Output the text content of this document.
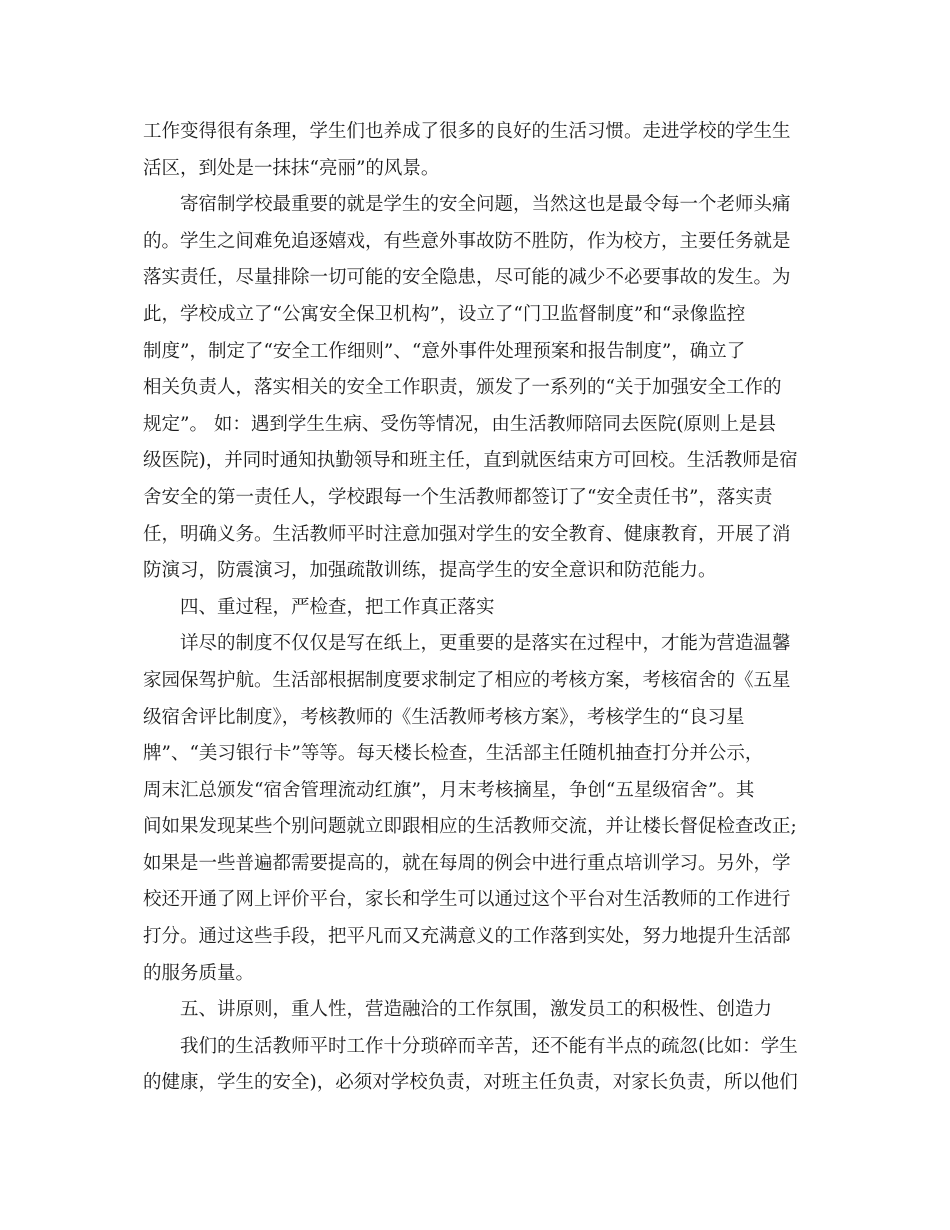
工作变得很有条理，学生们也养成了很多的良好的生活习惯。走进学校的学生生
活区，到处是一抹抹“亮丽”的风景。
寄宿制学校最重要的就是学生的安全问题，当然这也是最令每一个老师头痛
的。学生之间难免追逐嬉戏，有些意外事故防不胜防，作为校方，主要任务就是
落实责任，尽量排除一切可能的安全隐患，尽可能的减少不必要事故的发生。为
此，学校成立了“公寓安全保卫机构”，设立了“门卫监督制度”和“录像监控
制度”，制定了“安全工作细则”、“意外事件处理预案和报告制度”，确立了
相关负责人，落实相关的安全工作职责，颁发了一系列的“关于加强安全工作的
规定”。 如：遇到学生生病、受伤等情况，由生活教师陪同去医院(原则上是县
级医院)，并同时通知执勤领导和班主任，直到就医结束方可回校。生活教师是宿
舍安全的第一责任人，学校跟每一个生活教师都签订了“安全责任书”，落实责
任，明确义务。生活教师平时注意加强对学生的安全教育、健康教育，开展了消
防演习，防震演习，加强疏散训练，提高学生的安全意识和防范能力。
四、重过程，严检查，把工作真正落实
详尽的制度不仅仅是写在纸上，更重要的是落实在过程中，才能为营造温馨
家园保驾护航。生活部根据制度要求制定了相应的考核方案，考核宿舍的《五星
级宿舍评比制度》，考核教师的《生活教师考核方案》，考核学生的“良习星
牌”、“美习银行卡”等等。每天楼长检查，生活部主任随机抽查打分并公示，
周末汇总颁发“宿舍管理流动红旗”，月末考核摘星，争创“五星级宿舍”。其
间如果发现某些个别问题就立即跟相应的生活教师交流，并让楼长督促检查改正;
如果是一些普遍都需要提高的，就在每周的例会中进行重点培训学习。另外，学
校还开通了网上评价平台，家长和学生可以通过这个平台对生活教师的工作进行
打分。通过这些手段，把平凡而又充满意义的工作落到实处，努力地提升生活部
的服务质量。
五、讲原则，重人性，营造融洽的工作氛围，激发员工的积极性、创造力
我们的生活教师平时工作十分琐碎而辛苦，还不能有半点的疏忽(比如：学生
的健康，学生的安全)，必须对学校负责，对班主任负责，对家长负责，所以他们
